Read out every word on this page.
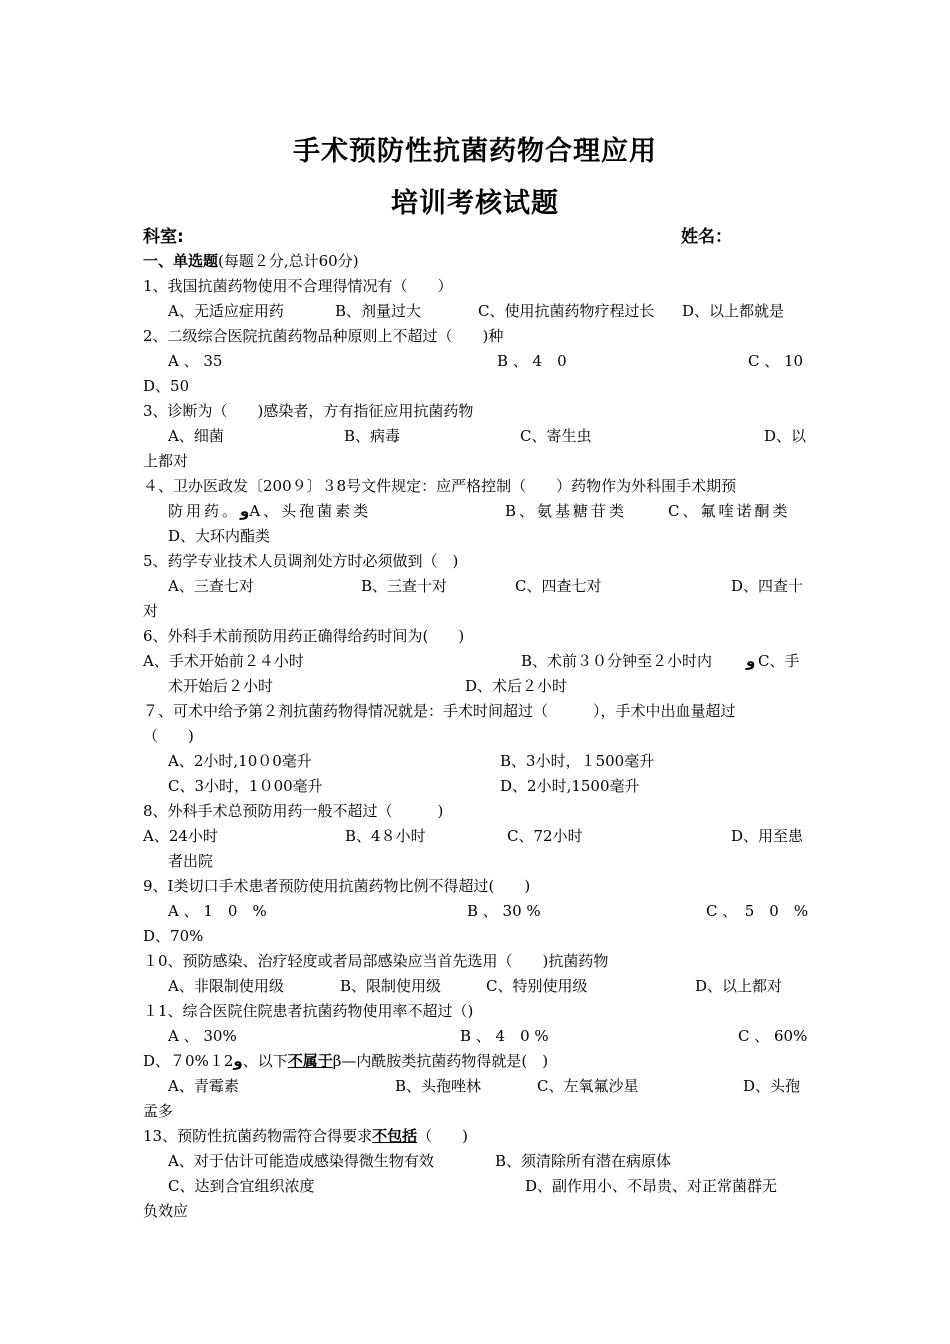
手术预防性抗菌药物合理应用
培训考核试题
科室:	姓名：
一、单选题(每题２分,总计60分)
1、我国抗菌药物使用不合理得情况有（　　）
A、无适应症用药	B、剂量过大	C、使用抗菌药物疗程过长 D、以上都就是
2、二级综合医院抗菌药物品种原则上不超过（　　)种
A 、 35	B 、 4　0	C 、 10
D、50
3、诊断为（　　)感染者，方有指征应用抗菌药物
A、细菌	B、病毒	C、寄生虫	D、以
上都对
４、卫办医政发〔200９〕３8号文件规定：应严格控制（　　）药物作为外科围手术期预
防用药。وA、头孢菌素类	B、氨基糖苷类	C、氟喹诺酮类
D、大环内酯类
5、药学专业技术人员调剂处方时必须做到（　)
A、三查七对	B、三查十对	C、四查七对	D、四查十
对
6、外科手术前预防用药正确得给药时间为(　　)
A、手术开始前２４小时	B、术前３０分钟至２小时内 و C、手
术开始后２小时	D、术后２小时
７、可术中给予第２剂抗菌药物得情况就是：手术时间超过（　　　），手术中出血量超过
（　　)
A、2小时,10０0毫升	B、3小时，１500毫升
C、3小时，1０00毫升	D、2小时,1500毫升
8、外科手术总预防用药一般不超过（　　　)
A、24小时	B、4８小时	C、72小时	D、用至患
者出院
9、Ⅰ类切口手术患者预防使用抗菌药物比例不得超过(　　)
A 、 1　0　%	B 、 30 %	C 、　5　0　%
D、70%
１0、预防感染、治疗轻度或者局部感染应当首先选用（　　)抗菌药物
A、非限制使用级	B、限制使用级	C、特别使用级	D、以上都对
１1、综合医院住院患者抗菌药物使用率不超过（)
A 、 30%	B 、 4　0 %	C 、 60%
D、７0%１2و、以下不属于β—内酰胺类抗菌药物得就是(　)
A、青霉素	B、头孢唑林	C、左氧氟沙星	D、头孢
孟多
13、预防性抗菌药物需符合得要求不包括（　　)
A、对于估计可能造成感染得微生物有效	B、须清除所有潜在病原体
C、达到合宜组织浓度	D、副作用小、不昂贵、对正常菌群无
负效应
